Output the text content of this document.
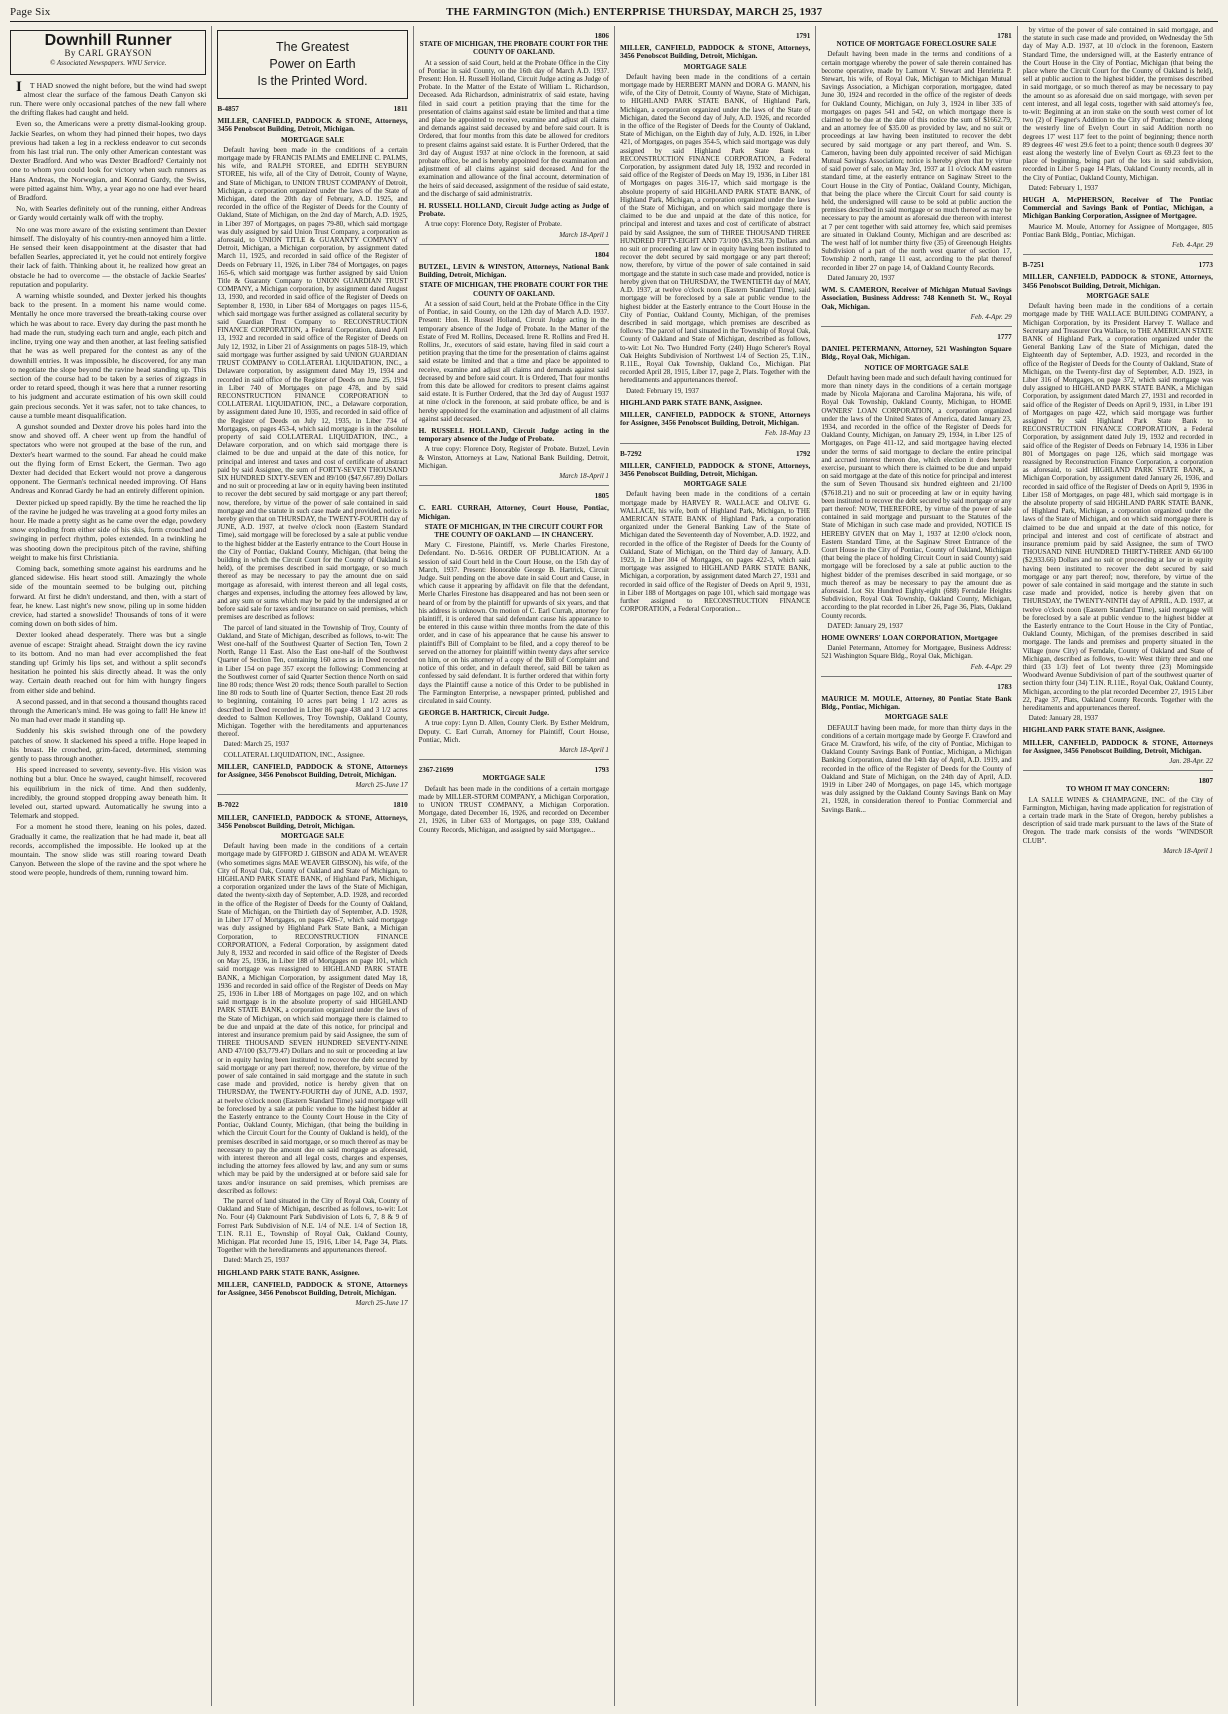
Page Six	THE FARMINGTON (Mich.) ENTERPRISE THURSDAY, MARCH 25, 1937
Downhill Runner
By CARL GRAYSON
© Associated Newspapers. WNU Service.

I T HAD snowed the night before, but the wind had swept almost clear the surface of the famous Death Canyon ski run. There were only occasional patches of the new fall where the drifting flakes had caught and held.

Even so, the Americans were a pretty dismal-looking group. Jackie Searles, on whom they had pinned their hopes, two days previous had taken a leg in a reckless endeavor to cut seconds from his last trial run. The only other American contestant was Dexter Bradford. And who was Dexter Bradford? Certainly not one to whom you could look for victory when such runners as Hans Andreas, the Norwegian, and Konrad Gardy, the Swiss, were pitted against him. Why, a year ago no one had ever heard of Bradford.

No, with Searles definitely out of the running, either Andreas or Gardy would certainly walk off with the trophy.

No one was more aware of the existing sentiment than Dexter himself. The disloyalty of his country-men annoyed him a little. He sensed their keen disappointment at the disaster that had befallen Searles, appreciated it, yet he could not entirely forgive their lack of faith. Thinking about it, he realized how great an obstacle he had to overcome — the obstacle of Jackie Searles' reputation and popularity.

A warning whistle sounded, and Dexter jerked his thoughts back to the present. In a moment his name would come. Mentally he once more traversed the breath-taking course over which he was about to race. Every day during the past month he had made the run, studying each turn and angle, each pitch and incline, trying one way and then another, at last feeling satisfied that he was as well prepared for the contest as any of the downhill entries. It was impossible, he discovered, for any man to negotiate the slope beyond the ravine head standing up. This section of the course had to be taken by a series of zigzags in order to retard speed, though it was here that a runner resorting to his judgment and accurate estimation of his own skill could gain precious seconds. Yet it was safer, not to take chances, to cause a tumble meant disqualification.

A gunshot sounded and Dexter drove his poles hard into the snow and shoved off. A cheer went up from the handful of spectators who were not grouped at the base of the run, and Dexter's heart warmed to the sound. Far ahead he could make out the flying form of Ernst Eckert, the German. Two ago Dexter had decided that Eckert would not prove a dangerous opponent. The German's technical needed improving. Of Hans Andreas and Konrad Gardy he had an entirely different opinion.

Dexter picked up speed rapidly. By the time he reached the lip of the ravine he judged he was traveling at a good forty miles an hour. He made a pretty sight as he came over the edge, powdery snow exploding from either side of his skis, form crouched and swinging in perfect rhythm, poles extended. In a twinkling he was shooting down the precipitous pitch of the ravine, shifting weight to make his first Christiania.

Coming back, something smote against his eardrums and he glanced sidewise. His heart stood still. Amazingly the whole side of the mountain seemed to be bulging out, pitching forward. At first he didn't understand, and then, with a start of fear, he knew. Last night's new snow, piling up in some hidden crevice, had started a snowslide! Thousands of tons of it were coming down on both sides of him.

Dexter looked ahead desperately. There was but a single avenue of escape: Straight ahead. Straight down the icy ravine to its bottom. And no man had ever accomplished the feat standing up! Grimly his lips set, and without a split second's hesitation he pointed his skis directly ahead. It was the only way. Certain death reached out for him with hungry fingers from either side and behind.

A second passed, and in that second a thousand thoughts raced through the American's mind. He was going to fall! He knew it! No man had ever made it standing up.

Suddenly his skis swished through one of the powdery patches of snow. It slackened his speed a trifle. Hope leaped in his breast. He crouched, grim-faced, determined, stemming gently to pass through another.

His speed increased to seventy, seventy-five. His vision was nothing but a blur. Once he swayed, caught himself, recovered his equilibrium in the nick of time. And then suddenly, incredibly, the ground stopped dropping away beneath him. It leveled out, started upward. Automatically he swung into a Telemark and stopped.

For a moment he stood there, leaning on his poles, dazed. Gradually it came, the realization that he had made it, beat all records, accomplished the impossible. He looked up at the mountain. The snow slide was still roaring toward Death Canyon. Between the slope of the ravine and the spot where he stood were people, hundreds of them, running toward him.

The Greatest
Power on Earth
Is the Printed Word.
B-4857	1811

MILLER, CANFIELD, PADDOCK & STONE, Attorneys, 3456 Penobscot Building, Detroit, Michigan.

MORTGAGE SALE

Default having been made in the conditions of a certain mortgage made by FRANCIS PALMS and EMELINE C. PALMS, his wife, and RALPH STOREE, and EDITH SEYBURN STOREE, his wife, all of the City of Detroit, County of Wayne, and State of Michigan, to UNION TRUST COMPANY of Detroit, Michigan, a corporation organized under the laws of the State of Michigan, dated the 20th day of February, A.D. 1925, and recorded in the office of the Register of Deeds for the County of Oakland, State of Michigan, on the 2nd day of March, A.D. 1925, in Liber 397 of Mortgages, on pages 79-80, which said mortgage was duly assigned by said Union Trust Company, a corporation as aforesaid, to UNION TITLE & GUARANTY COMPANY of Detroit, Michigan, a Michigan corporation, by assignment dated March 11, 1925, and recorded in said office of the Register of Deeds on February 11, 1926, in Liber 784 of Mortgages, on pages 165-6, which said mortgage was further assigned by said Union Title & Guaranty Company to UNION GUARDIAN TRUST COMPANY, a Michigan corporation, by assignment dated August 13, 1930, and recorded in said office of the Register of Deeds on September 8, 1930, in Liber 684 of Mortgages on pages 115-6, which said mortgage was further assigned as collateral security by said Guardian Trust Company to RECONSTRUCTION FINANCE CORPORATION, a Federal Corporation, dated April 13, 1932 and recorded in said office of the Register of Deeds on July 12, 1932, in Liber 21 of Assignments on pages 518-19, which said mortgage was further assigned by said UNION GUARDIAN TRUST COMPANY to COLLATERAL LIQUIDATION, INC., a Delaware corporation, by assignment dated May 19, 1934 and recorded in said office of the Register of Deeds on June 25, 1934 in Liber 740 of Mortgages on page 478, and by said RECONSTRUCTION FINANCE CORPORATION to COLLATERAL LIQUIDATION, INC., a Delaware corporation, by assignment dated June 10, 1935, and recorded in said office of the Register of Deeds on July 12, 1935, in Liber 734 of Mortgages, on pages 453-4, which said mortgage is in the absolute property of said COLLATERAL LIQUIDATION, INC., a Delaware corporation, and on which said mortgage there is claimed to be due and unpaid at the date of this notice, for principal and interest and taxes and cost of certificate of abstract paid by said Assignee, the sum of FORTY-SEVEN THOUSAND SIX HUNDRED SIXTY-SEVEN and 89/100 ($47,667.89) Dollars and no suit or proceeding at law or in equity having been instituted to recover the debt secured by said mortgage or any part thereof; now, therefore, by virtue of the power of sale contained in said mortgage and the statute in such case made and provided, notice is hereby given that on THURSDAY, the TWENTY-FOURTH day of JUNE, A.D. 1937, at twelve o'clock noon (Eastern Standard Time), said mortgage will be foreclosed by a sale at public vendue to the highest bidder at the Easterly entrance to the Court House in the City of Pontiac, Oakland County, Michigan, (that being the building in which the Circuit Court for the County of Oakland is held), of the premises described in said mortgage, or so much thereof as may be necessary to pay the amount due on said mortgage as aforesaid, with interest thereon and all legal costs, charges and expenses, including the attorney fees allowed by law, and any sum or sums which may be paid by the undersigned at or before said sale for taxes and/or insurance on said premises, which premises are described as follows:

The parcel of land situated in the Township of Troy, County of Oakland, and State of Michigan, described as follows, to-wit: The West one-half of the Southwest Quarter of Section Ten, Town 2 North, Range 11 East. Also the East one-half of the Southwest Quarter of Section Ten, containing 160 acres as in Deed recorded in Liber 154 on page 357 except the following: Commencing at the Southwest corner of said Quarter Section thence North on said line 80 rods; thence West 20 rods; thence South parallel to Section line 80 rods to South line of Quarter Section, thence East 20 rods to beginning, containing 10 acres part being 1 1/2 acres as described in Deed recorded in Liber 86 page 438 and 3 1/2 acres deeded to Salmon Kellowes, Troy Township, Oakland County, Michigan. Together with the hereditaments and appurtenances thereof.

Dated: March 25, 1937

COLLATERAL LIQUIDATION, INC., Assignee.

MILLER, CANFIELD, PADDOCK & STONE, Attorneys for Assignee, 3456 Penobscot Building, Detroit, Michigan.

March 25-June 17

B-7022	1810

MILLER, CANFIELD, PADDOCK & STONE, Attorneys, 3456 Penobscot Building, Detroit, Michigan.

MORTGAGE SALE

Default having been made in the conditions of a certain mortgage made by GIFFORD J. GIBSON and ADA M. WEAVER (who sometimes signs MAE WEAVER GIBSON), his wife, of the City of Royal Oak, County of Oakland and State of Michigan, to HIGHLAND PARK STATE BANK, of Highland Park, Michigan, a corporation organized under the laws of the State of Michigan, dated the twenty-sixth day of September, A.D. 1928, and recorded in the office of the Register of Deeds for the County of Oakland, State of Michigan, on the Thirtieth day of September, A.D. 1928, in Liber 177 of Mortgages, on pages 426-7, which said mortgage was duly assigned by Highland Park State Bank, a Michigan Corporation, to RECONSTRUCTION FINANCE CORPORATION, a Federal Corporation, by assignment dated July 8, 1932 and recorded in said office of the Register of Deeds on May 25, 1936, in Liber 188 of Mortgages on page 101, which said mortgage was reassigned to HIGHLAND PARK STATE BANK, a Michigan Corporation, by assignment dated May 18, 1936 and recorded in said office of the Register of Deeds on May 25, 1936 in Liber 188 of Mortgages on page 102, and on which said mortgage is in the absolute property of said HIGHLAND PARK STATE BANK, a corporation organized under the laws of the State of Michigan, on which said mortgage there is claimed to be due and unpaid at the date of this notice, for principal and interest and insurance premium paid by said Assignee, the sum of THREE THOUSAND SEVEN HUNDRED SEVENTY-NINE AND 47/100 ($3,779.47) Dollars and no suit or proceeding at law or in equity having been instituted to recover the debt secured by said mortgage or any part thereof; now, therefore, by virtue of the power of sale contained in said mortgage and the statute in such case made and provided, notice is hereby given that on THURSDAY, the TWENTY-FOURTH day of JUNE, A.D. 1937, at twelve o'clock noon (Eastern Standard Time) said mortgage will be foreclosed by a sale at public vendue to the highest bidder at the Easterly entrance to the County Court House in the City of Pontiac, Oakland County, Michigan, (that being the building in which the Circuit Court for the County of Oakland is held), of the premises described in said mortgage, or so much thereof as may be necessary to pay the amount due on said mortgage as aforesaid, with interest thereon and all legal costs, charges and expenses, including the attorney fees allowed by law, and any sum or sums which may be paid by the undersigned at or before said sale for taxes and/or insurance on said premises, which premises are described as follows:

The parcel of land situated in the City of Royal Oak, County of Oakland and State of Michigan, described as follows, to-wit: Lot No. Four (4) Oakmount Park Subdivision of Lots 6, 7, 8 & 9 of Forrest Park Subdivision of N.E. 1/4 of N.E. 1/4 of Section 18, T.1N. R.11 E., Township of Royal Oak, Oakland County, Michigan. Plat recorded June 15, 1916, Liber 14, Page 34, Plats. Together with the hereditaments and appurtenances thereof.

Dated: March 25, 1937

HIGHLAND PARK STATE BANK, Assignee.

MILLER, CANFIELD, PADDOCK & STONE, Attorneys for Assignee, 3456 Penobscot Building, Detroit, Michigan.

March 25-June 17

1806

STATE OF MICHIGAN, THE PROBATE COURT FOR THE COUNTY OF OAKLAND.

At a session of said Court, held at the Probate Office in the City of Pontiac in said County, on the 16th day of March A.D. 1937. Present: Hon. H. Russell Holland, Circuit Judge acting as Judge of Probate. In the Matter of the Estate of William L. Richardson, Deceased. Ada Richardson, administratrix of said estate, having filed in said court a petition praying that the time for the presentation of claims against said estate be limited and that a time and place be appointed to receive, examine and adjust all claims and demands against said deceased by and before said court. It is Ordered, that four months from this date be allowed for creditors to present claims against said estate. It is Further Ordered, that the 3rd day of August 1937 at nine o'clock in the forenoon, at said probate office, be and is hereby appointed for the examination and adjustment of all claims against said deceased. And for the examination and allowance of the final account, determination of the heirs of said deceased, assignment of the residue of said estate, and the discharge of said administratrix.

H. RUSSELL HOLLAND, Circuit Judge acting as Judge of Probate.

A true copy: Florence Doty, Register of Probate.

March 18-April 1

1804

BUTZEL, LEVIN & WINSTON, Attorneys, National Bank Building, Detroit, Michigan.

STATE OF MICHIGAN, THE PROBATE COURT FOR THE COUNTY OF OAKLAND.

At a session of said Court, held at the Probate Office in the City of Pontiac, in said County, on the 12th day of March A.D. 1937. Present: Hon. H. Russel Holland, Circuit Judge acting in the temporary absence of the Judge of Probate. In the Matter of the Estate of Fred M. Rollins, Deceased. Irene R. Rollins and Fred H. Rollins, Jr., executors of said estate, having filed in said court a petition praying that the time for the presentation of claims against said estate be limited and that a time and place be appointed to receive, examine and adjust all claims and demands against said deceased by and before said court. It is Ordered, That four months from this date be allowed for creditors to present claims against said estate. It is Further Ordered, that the 3rd day of August 1937 at nine o'clock in the forenoon, at said probate office, be and is hereby appointed for the examination and adjustment of all claims against said deceased.

H. RUSSELL HOLLAND, Circuit Judge acting in the temporary absence of the Judge of Probate.

A true copy: Florence Doty, Register of Probate. Butzel, Levin & Winston, Attorneys at Law, National Bank Building, Detroit, Michigan.

March 18-April 1

1805

C. EARL CURRAH, Attorney, Court House, Pontiac, Michigan.

STATE OF MICHIGAN, IN THE CIRCUIT COURT FOR THE COUNTY OF OAKLAND — IN CHANCERY.

Mary C. Firestone, Plaintiff, vs. Merle Charles Firestone, Defendant. No. D-5616. ORDER OF PUBLICATION. At a session of said Court held in the Court House, on the 15th day of March, 1937. Present: Honorable George B. Hartrick, Circuit Judge. Suit pending on the above date in said Court and Cause, in which cause it appearing by affidavit on file that the defendant, Merle Charles Firestone has disappeared and has not been seen or heard of or from by the plaintiff for upwards of six years, and that his address is unknown. On motion of C. Earl Currah, attorney for plaintiff, it is ordered that said defendant cause his appearance to be entered in this cause within three months from the date of this order, and in case of his appearance that he cause his answer to plaintiff's Bill of Complaint to be filed, and a copy thereof to be served on the attorney for plaintiff within twenty days after service on him, or on his attorney of a copy of the Bill of Complaint and notice of this order, and in default thereof, said Bill be taken as confessed by said defendant. It is further ordered that within forty days the Plaintiff cause a notice of this Order to be published in The Farmington Enterprise, a newspaper printed, published and circulated in said County.

GEORGE B. HARTRICK, Circuit Judge.

A true copy: Lynn D. Allen, County Clerk. By Esther Meldrum, Deputy. C. Earl Currah, Attorney for Plaintiff, Court House, Pontiac, Mich.

March 18-April 1

2367-21699	1793

MORTGAGE SALE

Default has been made in the conditions of a certain mortgage made by MILLER-STORM COMPANY, a Michigan Corporation, to UNION TRUST COMPANY, a Michigan Corporation. Mortgage, dated December 16, 1926, and recorded on December 21, 1926, in Liber 633 of Mortgages, on page 339, Oakland County Records, Michigan, and assigned by said Mortgagee...

1791

MILLER, CANFIELD, PADDOCK & STONE, Attorneys, 3456 Penobscot Building, Detroit, Michigan.

MORTGAGE SALE

Default having been made in the conditions of a certain mortgage made by HERBERT MANN and DORA G. MANN, his wife, of the City of Detroit, County of Wayne, State of Michigan, to HIGHLAND PARK STATE BANK, of Highland Park, Michigan, a corporation organized under the laws of the State of Michigan, dated the Second day of July, A.D. 1926, and recorded in the office of the Register of Deeds for the County of Oakland, State of Michigan, on the Eighth day of July, A.D. 1926, in Liber 421, of Mortgages, on pages 354-5, which said mortgage was duly assigned by said Highland Park State Bank to RECONSTRUCTION FINANCE CORPORATION, a Federal Corporation, by assignment dated July 18, 1932 and recorded in said office of the Register of Deeds on May 19, 1936, in Liber 181 of Mortgages on pages 316-17, which said mortgage is the absolute property of said HIGHLAND PARK STATE BANK, of Highland Park, Michigan, a corporation organized under the laws of the State of Michigan, and on which said mortgage there is claimed to be due and unpaid at the date of this notice, for principal and interest and taxes and cost of certificate of abstract paid by said Assignee, the sum of THREE THOUSAND THREE HUNDRED FIFTY-EIGHT AND 73/100 ($3,358.73) Dollars and no suit or proceeding at law or in equity having been instituted to recover the debt secured by said mortgage or any part thereof; now, therefore, by virtue of the power of sale contained in said mortgage and the statute in such case made and provided, notice is hereby given that on THURSDAY, the TWENTIETH day of MAY, A.D. 1937, at twelve o'clock noon (Eastern Standard Time), said mortgage will be foreclosed by a sale at public vendue to the highest bidder at the Easterly entrance to the Court House in the City of Pontiac, Oakland County, Michigan, of the premises described in said mortgage, which premises are described as follows: The parcel of land situated in the Township of Royal Oak, County of Oakland and State of Michigan, described as follows, to-wit: Lot No. Two Hundred Forty (240) Hugo Scherer's Royal Oak Heights Subdivision of Northwest 1/4 of Section 25, T.1N., R.11E., Royal Oak Township, Oakland Co., Michigan. Plat recorded April 28, 1915, Liber 17, page 2, Plats. Together with the hereditaments and appurtenances thereof.

Dated: February 19, 1937

HIGHLAND PARK STATE BANK, Assignee.

MILLER, CANFIELD, PADDOCK & STONE, Attorneys for Assignee, 3456 Penobscot Building, Detroit, Michigan.

Feb. 18-May 13

B-7292	1792

MILLER, CANFIELD, PADDOCK & STONE, Attorneys, 3456 Penobscot Building, Detroit, Michigan.

MORTGAGE SALE

Default having been made in the conditions of a certain mortgage made by HARVEY R. WALLACE and OLIVE G. WALLACE, his wife, both of Highland Park, Michigan, to THE AMERICAN STATE BANK of Highland Park, a corporation organized under the General Banking Law of the State of Michigan dated the Seventeenth day of November, A.D. 1922, and recorded in the office of the Register of Deeds for the County of Oakland, State of Michigan, on the Third day of January, A.D. 1923, in Liber 304 of Mortgages, on pages 422-3, which said mortgage was assigned to HIGHLAND PARK STATE BANK, Michigan, a corporation, by assignment dated March 27, 1931 and recorded in said office of the Register of Deeds on April 9, 1931, in Liber 188 of Mortgages on page 101, which said mortgage was further assigned to RECONSTRUCTION FINANCE CORPORATION, a Federal Corporation...

1781

NOTICE OF MORTGAGE FORECLOSURE SALE

Default having been made in the terms and conditions of a certain mortgage whereby the power of sale therein contained has become operative, made by Lamont V. Stewart and Henrietta P. Stewart, his wife, of Royal Oak, Michigan to Michigan Mutual Savings Association, a Michigan corporation, mortgagee, dated June 30, 1924 and recorded in the office of the register of deeds for Oakland County, Michigan, on July 3, 1924 in liber 335 of mortgages on pages 541 and 542, on which mortgage there is claimed to be due at the date of this notice the sum of $1662.79, and an attorney fee of $35.00 as provided by law, and no suit or proceedings at law having been instituted to recover the debt secured by said mortgage or any part thereof, and Wm. S. Cameron, having been duly appointed receiver of said Michigan Mutual Savings Association; notice is hereby given that by virtue of said power of sale, on May 3rd, 1937 at 11 o'clock AM eastern standard time, at the easterly entrance on Saginaw Street to the Court House in the City of Pontiac, Oakland County, Michigan, that being the place where the Circuit Court for said county is held, the undersigned will cause to be sold at public auction the premises described in said mortgage or so much thereof as may be necessary to pay the amount as aforesaid due thereon with interest at 7 per cent together with said attorney fee, which said premises are situated in Oakland County, Michigan and are described as: The west half of lot number thirty five (35) of Greenough Heights Subdivision of a part of the north west quarter of section 17, Township 2 north, range 11 east, according to the plat thereof recorded in liber 27 on page 14, of Oakland County Records.

Dated January 20, 1937

WM. S. CAMERON, Receiver of Michigan Mutual Savings Association, Business Address: 748 Kenneth St. W., Royal Oak, Michigan.

Feb. 4-Apr. 29

1777

DANIEL PETERMANN, Attorney, 521 Washington Square Bldg., Royal Oak, Michigan.

NOTICE OF MORTGAGE SALE

Default having been made and such default having continued for more than ninety days in the conditions of a certain mortgage made by Nicola Majorana and Carolina Majorana, his wife, of Royal Oak Township, Oakland County, Michigan, to HOME OWNERS' LOAN CORPORATION, a corporation organized under the laws of the United States of America, dated January 23, 1934, and recorded in the office of the Register of Deeds for Oakland County, Michigan, on January 29, 1934, in Liber 125 of Mortgages, on Page 411-12, and said mortgagee having elected under the terms of said mortgage to declare the entire principal and accrued interest thereon due, which election it does hereby exercise, pursuant to which there is claimed to be due and unpaid on said mortgage at the date of this notice for principal and interest the sum of Seven Thousand six hundred eighteen and 21/100 ($7618.21) and no suit or proceeding at law or in equity having been instituted to recover the debt secured by said mortgage or any part thereof: NOW, THEREFORE, by virtue of the power of sale contained in said mortgage and pursuant to the Statutes of the State of Michigan in such case made and provided, NOTICE IS HEREBY GIVEN that on May 1, 1937 at 12:00 o'clock noon, Eastern Standard Time, at the Saginaw Street Entrance of the Court House in the City of Pontiac, County of Oakland, Michigan (that being the place of holding Circuit Court in said County) said mortgage will be foreclosed by a sale at public auction to the highest bidder of the premises described in said mortgage, or so much thereof as may be necessary to pay the amount due as aforesaid. Lot Six Hundred Eighty-eight (688) Ferndale Heights Subdivision, Royal Oak Township, Oakland County, Michigan, according to the plat recorded in Liber 26, Page 36, Plats, Oakland County records.

DATED: January 29, 1937

HOME OWNERS' LOAN CORPORATION, Mortgagee

Daniel Petermann, Attorney for Mortgagee, Business Address: 521 Washington Square Bldg., Royal Oak, Michigan.

Feb. 4-Apr. 29

1783

MAURICE M. MOULE, Attorney, 80 Pontiac State Bank Bldg., Pontiac, Michigan.

MORTGAGE SALE

DEFAULT having been made, for more than thirty days in the conditions of a certain mortgage made by George F. Crawford and Grace M. Crawford, his wife, of the city of Pontiac, Michigan to Oakland County Savings Bank of Pontiac, Michigan, a Michigan Banking Corporation, dated the 14th day of April, A.D. 1919, and recorded in the office of the Register of Deeds for the County of Oakland and State of Michigan, on the 24th day of April, A.D. 1919 in Liber 240 of Mortgages, on page 145, which mortgage was duly assigned by the Oakland County Savings Bank on May 21, 1928, in consideration thereof to Pontiac Commercial and Savings Bank...

by virtue of the power of sale contained in said mortgage, and the statute in such case made and provided, on Wednesday the 5th day of May A.D. 1937, at 10 o'clock in the forenoon, Eastern Standard Time, the undersigned will, at the Easterly entrance of the Court House in the City of Pontiac, Michigan (that being the place where the Circuit Court for the County of Oakland is held), sell at public auction to the highest bidder, the premises described in said mortgage, or so much thereof as may be necessary to pay the amount so as aforesaid due on said mortgage, with seven per cent interest, and all legal costs, together with said attorney's fee, to-wit: Beginning at an iron stake on the south west corner of lot two (2) of Fiegner's Addition to the City of Pontiac; thence along the westerly line of Evelyn Court in said Addition north no degrees 17' west 117' feet to the point of beginning; thence north 89 degrees 46' west 29.6 feet to a point; thence south 0 degrees 30' east along the westerly line of Evelyn Court as 69.23 feet to the place of beginning, being part of the lots in said subdivision, recorded in Liber 5 page 14 Plats, Oakland County records, all in the City of Pontiac, Oakland County, Michigan.

Dated: February 1, 1937

HUGH A. McPHERSON, Receiver of The Pontiac Commercial and Savings Bank of Pontiac, Michigan, a Michigan Banking Corporation, Assignee of Mortgagee.

Maurice M. Moule, Attorney for Assignee of Mortgagee, 805 Pontiac Bank Bldg., Pontiac, Michigan.

Feb. 4-Apr. 29

B-7251	1773

MILLER, CANFIELD, PADDOCK & STONE, Attorneys, 3456 Penobscot Building, Detroit, Michigan.

MORTGAGE SALE

Default having been made in the conditions of a certain mortgage made by THE WALLACE BUILDING COMPANY, a Michigan Corporation, by its President Harvey T. Wallace and Secretary and Treasurer Ora Wallace, to THE AMERICAN STATE BANK of Highland Park, a corporation organized under the General Banking Law of the State of Michigan, dated the Eighteenth day of September, A.D. 1923, and recorded in the office of the Register of Deeds for the County of Oakland, State of Michigan, on the Twenty-first day of September, A.D. 1923, in Liber 316 of Mortgages, on page 372, which said mortgage was duly assigned to HIGHLAND PARK STATE BANK, a Michigan Corporation, by assignment dated March 27, 1931 and recorded in said office of the Register of Deeds on April 9, 1931, in Liber 191 of Mortgages on page 422, which said mortgage was further assigned by said Highland Park State Bank to RECONSTRUCTION FINANCE CORPORATION, a Federal Corporation, by assignment dated July 19, 1932 and recorded in said office of the Register of Deeds on February 14, 1936 in Liber 801 of Mortgages on page 126, which said mortgage was reassigned by Reconstruction Finance Corporation, a corporation as aforesaid, to said HIGHLAND PARK STATE BANK, a Michigan Corporation, by assignment dated January 26, 1936, and recorded in said office of the Register of Deeds on April 9, 1936 in Liber 158 of Mortgages, on page 481, which said mortgage is in the absolute property of said HIGHLAND PARK STATE BANK, of Highland Park, Michigan, a corporation organized under the laws of the State of Michigan, and on which said mortgage there is claimed to be due and unpaid at the date of this notice, for principal and interest and cost of certificate of abstract and insurance premium paid by said Assignee, the sum of TWO THOUSAND NINE HUNDRED THIRTY-THREE AND 66/100 ($2,933.66) Dollars and no suit or proceeding at law or in equity having been instituted to recover the debt secured by said mortgage or any part thereof; now, therefore, by virtue of the power of sale contained in said mortgage and the statute in such case made and provided, notice is hereby given that on THURSDAY, the TWENTY-NINTH day of APRIL, A.D. 1937, at twelve o'clock noon (Eastern Standard Time), said mortgage will be foreclosed by a sale at public vendue to the highest bidder at the Easterly entrance to the Court House in the City of Pontiac, Oakland County, Michigan, of the premises described in said mortgage. The lands and premises and property situated in the Village (now City) of Ferndale, County of Oakland and State of Michigan, described as follows, to-wit: West thirty three and one third (33 1/3) feet of Lot twenty three (23) Morningside Woodward Avenue Subdivision of part of the southwest quarter of section thirty four (34) T.1N. R.11E., Royal Oak, Oakland County, Michigan, according to the plat recorded December 27, 1915 Liber 22, Page 37, Plats, Oakland County Records. Together with the hereditaments and appurtenances thereof.

Dated: January 28, 1937

HIGHLAND PARK STATE BANK, Assignee.

MILLER, CANFIELD, PADDOCK & STONE, Attorneys for Assignee, 3456 Penobscot Building, Detroit, Michigan.

Jan. 28-Apr. 22

1807

TO WHOM IT MAY CONCERN:

LA SALLE WINES & CHAMPAGNE, INC. of the City of Farmington, Michigan, having made application for registration of a certain trade mark in the State of Oregon, hereby publishes a description of said trade mark pursuant to the laws of the State of Oregon. The trade mark consists of the words "WINDSOR CLUB".

March 18-April 1
